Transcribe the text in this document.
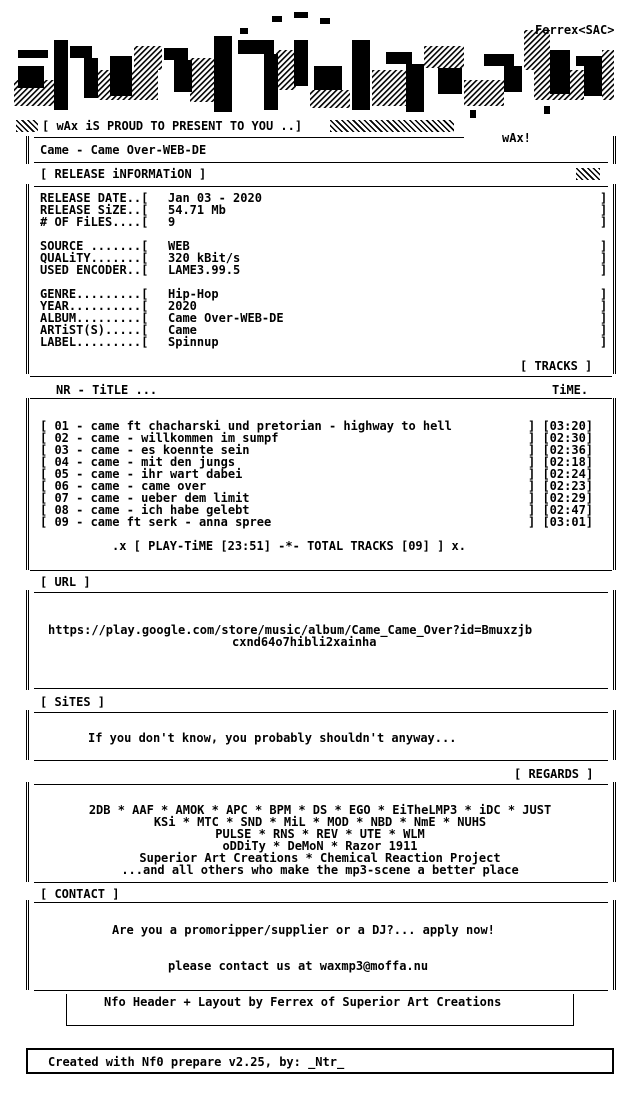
Ferrex<SAC>
[ wAx iS PROUD TO PRESENT TO YOU ..]
wAx!
Came - Came Over-WEB-DE
[ RELEASE iNFORMATiON ]
RELEASE DATE..[ Jan 03 - 2020	]
RELEASE SiZE..[ 54.71 Mb	]
# OF FiLES....[ 9	]
SOURCE .......[ WEB	]
QUALiTY.......[ 320 kBit/s	]
USED ENCODER..[ LAME3.99.5	]
GENRE.........[ Hip-Hop	]
YEAR..........[ 2020	]
ALBUM.........[ Came Over-WEB-DE	]
ARTiST(S).....[ Came	]
LABEL.........[ Spinnup	]
[ TRACKS ]
NR - TiTLE ...	TiME.
[ 01 - came ft chacharski und pretorian - highway to hell	] [03:20]
[ 02 - came - willkommen im sumpf	] [02:30]
[ 03 - came - es koennte sein	] [02:36]
[ 04 - came - mit den jungs	] [02:18]
[ 05 - came - ihr wart dabei	] [02:24]
[ 06 - came - came over	] [02:23]
[ 07 - came - ueber dem limit	] [02:29]
[ 08 - came - ich habe gelebt	] [02:47]
[ 09 - came ft serk - anna spree	] [03:01]
.x [ PLAY-TiME [23:51] -*- TOTAL TRACKS [09] ] x.
[ URL ]
https://play.google.com/store/music/album/Came_Came_Over?id=Bmuxzjb
cxnd64o7hibli2xainha
[ SiTES ]
If you don't know, you probably shouldn't anyway...
[ REGARDS ]
2DB * AAF * AMOK * APC * BPM * DS * EGO * EiTheLMP3 * iDC * JUST
KSi * MTC * SND * MiL * MOD * NBD * NmE * NUHS
PULSE * RNS * REV * UTE * WLM
oDDiTy * DeMoN * Razor 1911
Superior Art Creations * Chemical Reaction Project
...and all others who make the mp3-scene a better place
[ CONTACT ]
Are you a promoripper/supplier or a DJ?... apply now!
please contact us at waxmp3@moffa.nu
Nfo Header + Layout by Ferrex of Superior Art Creations
Created with Nf0 prepare v2.25, by: _Ntr_
